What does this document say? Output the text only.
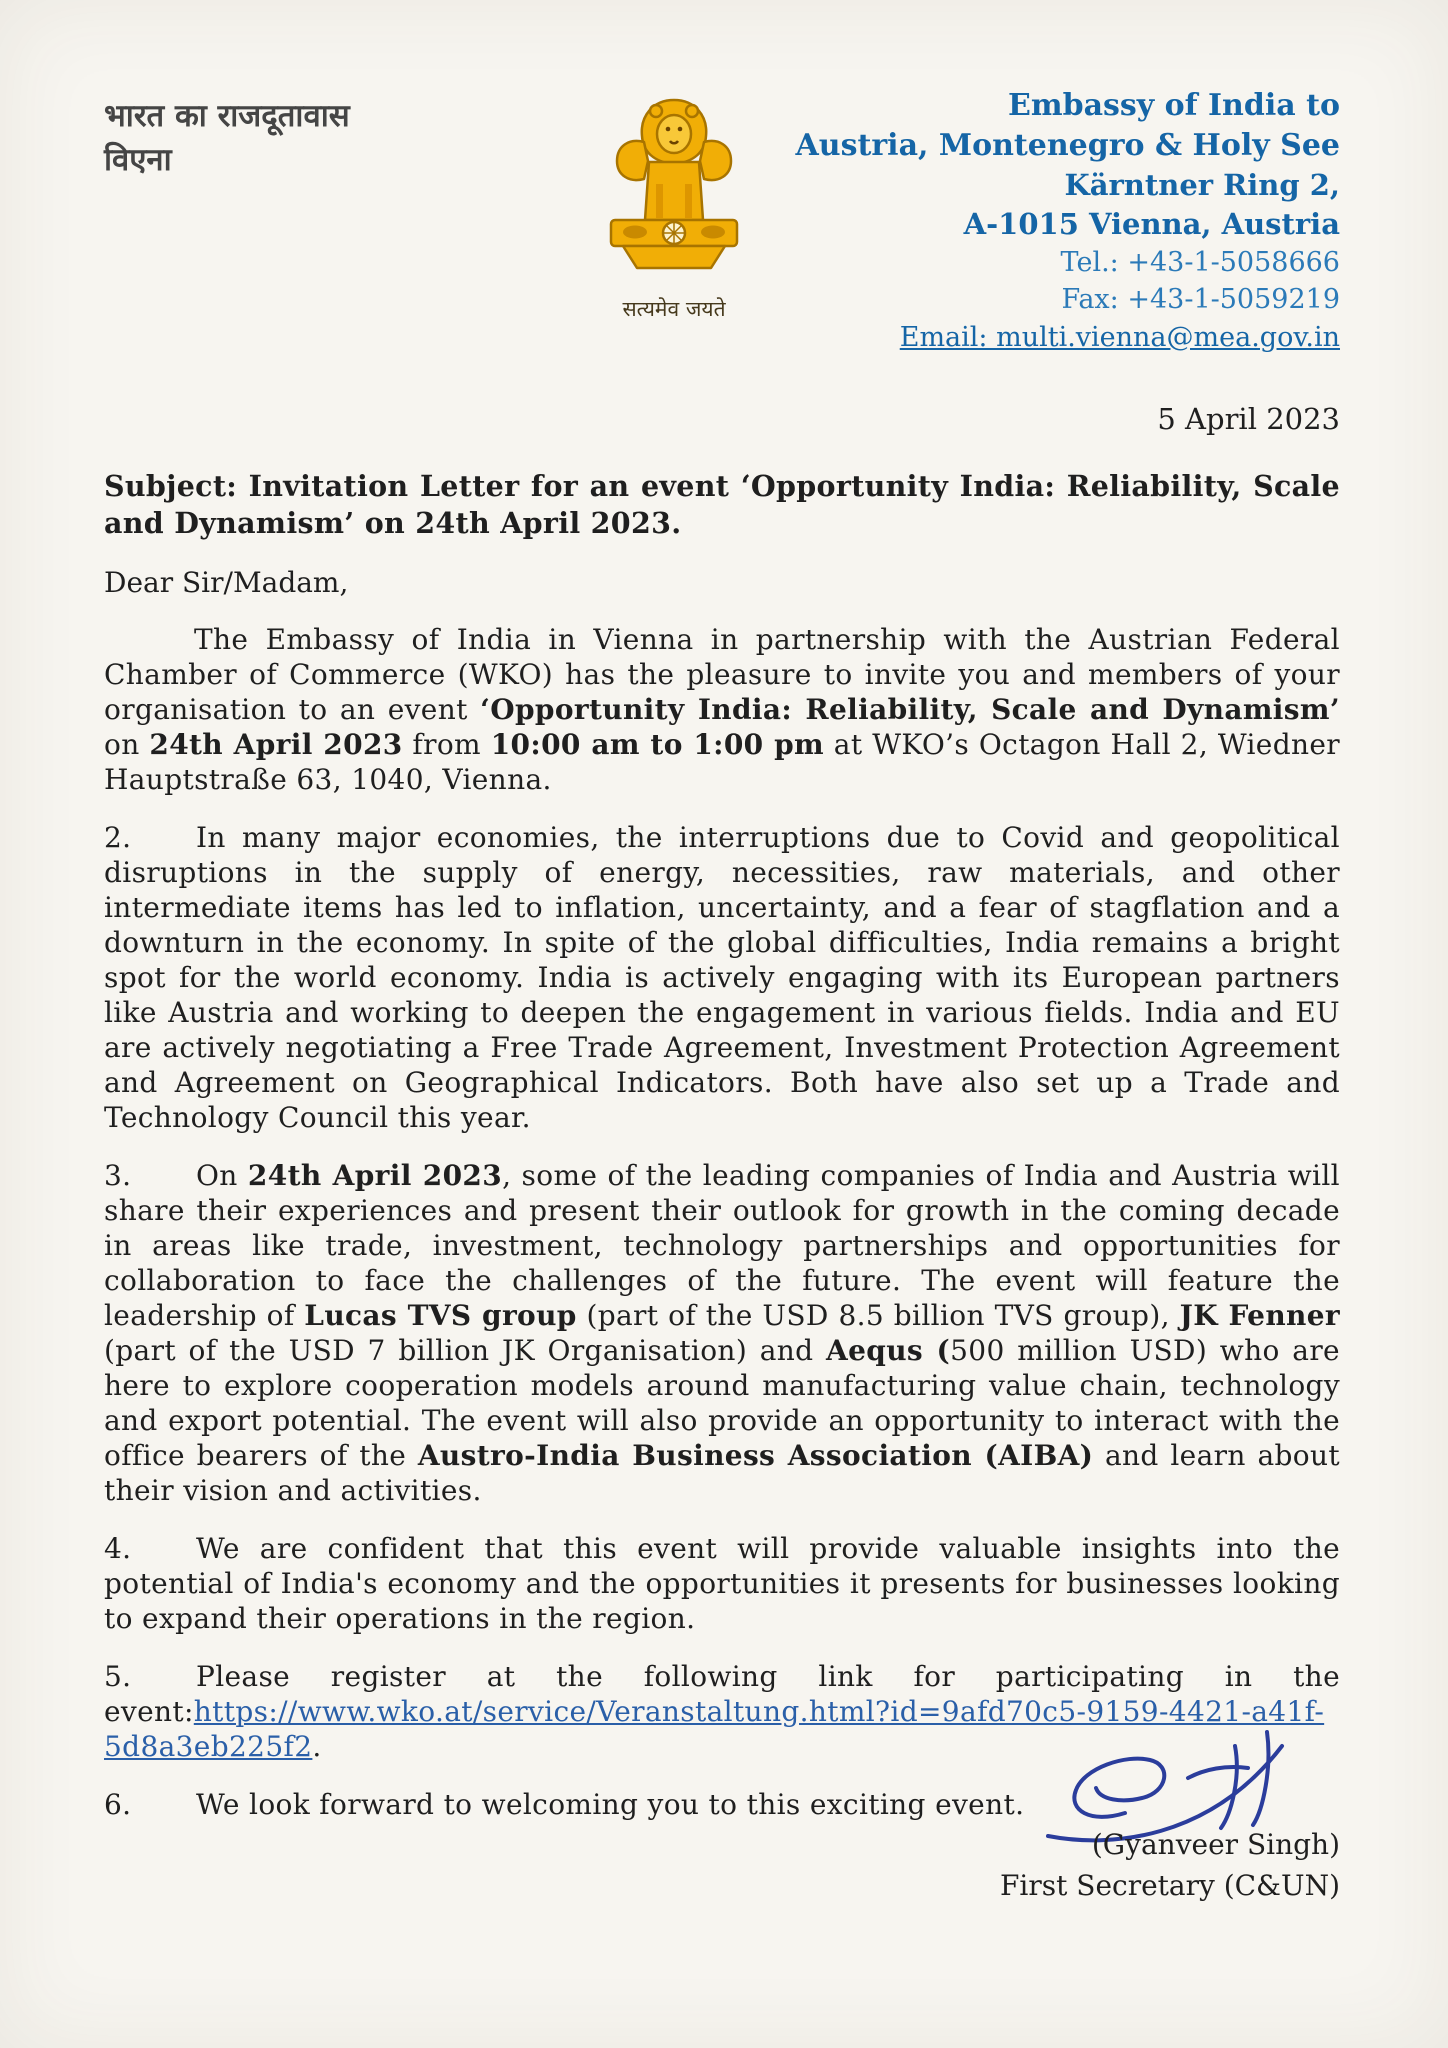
भारत का राजदूतावास
विएना
सत्यमेव जयते
Embassy of India to
Austria, Montenegro & Holy See
Kärntner Ring 2,
A-1015 Vienna, Austria
Tel.: +43-1-5058666
Fax: +43-1-5059219
Email: multi.vienna@mea.gov.in
5 April 2023
Subject: Invitation Letter for an event ‘Opportunity India: Reliability, Scale and Dynamism’ on 24th April 2023.
Dear Sir/Madam,

The Embassy of India in Vienna in partnership with the Austrian Federal Chamber of Commerce (WKO) has the pleasure to invite you and members of your organisation to an event ‘Opportunity India: Reliability, Scale and Dynamism’ on 24th April 2023 from 10:00 am to 1:00 pm at WKO’s Octagon Hall 2, Wiedner Hauptstraße 63, 1040, Vienna.

2. In many major economies, the interruptions due to Covid and geopolitical disruptions in the supply of energy, necessities, raw materials, and other intermediate items has led to inflation, uncertainty, and a fear of stagflation and a downturn in the economy. In spite of the global difficulties, India remains a bright spot for the world economy. India is actively engaging with its European partners like Austria and working to deepen the engagement in various fields. India and EU are actively negotiating a Free Trade Agreement, Investment Protection Agreement and Agreement on Geographical Indicators. Both have also set up a Trade and Technology Council this year.

3. On 24th April 2023, some of the leading companies of India and Austria will share their experiences and present their outlook for growth in the coming decade in areas like trade, investment, technology partnerships and opportunities for collaboration to face the challenges of the future. The event will feature the leadership of Lucas TVS group (part of the USD 8.5 billion TVS group), JK Fenner (part of the USD 7 billion JK Organisation) and Aequs (500 million USD) who are here to explore cooperation models around manufacturing value chain, technology and export potential. The event will also provide an opportunity to interact with the office bearers of the Austro-India Business Association (AIBA) and learn about their vision and activities.

4. We are confident that this event will provide valuable insights into the potential of India's economy and the opportunities it presents for businesses looking to expand their operations in the region.

5. Please register at the following link for participating in the event:https://www.wko.at/service/Veranstaltung.html?id=9afd70c5-9159-4421-a41f-5d8a3eb225f2.

6. We look forward to welcoming you to this exciting event.

(Gyanveer Singh)
First Secretary (C&UN)
